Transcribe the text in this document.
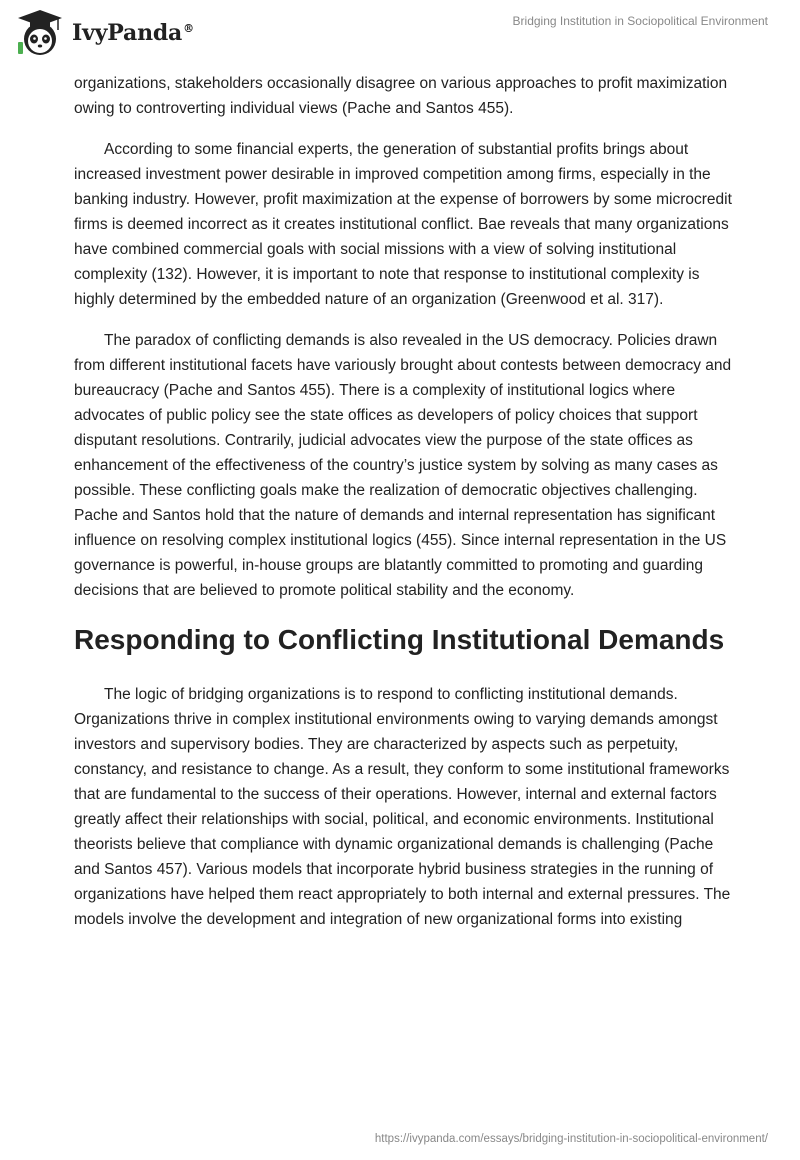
IvyPanda®
Bridging Institution in Sociopolitical Environment

organizations, stakeholders occasionally disagree on various approaches to profit maximization owing to controverting individual views (Pache and Santos 455).

According to some financial experts, the generation of substantial profits brings about increased investment power desirable in improved competition among firms, especially in the banking industry. However, profit maximization at the expense of borrowers by some microcredit firms is deemed incorrect as it creates institutional conflict. Bae reveals that many organizations have combined commercial goals with social missions with a view of solving institutional complexity (132). However, it is important to note that response to institutional complexity is highly determined by the embedded nature of an organization (Greenwood et al. 317).

The paradox of conflicting demands is also revealed in the US democracy. Policies drawn from different institutional facets have variously brought about contests between democracy and bureaucracy (Pache and Santos 455). There is a complexity of institutional logics where advocates of public policy see the state offices as developers of policy choices that support disputant resolutions. Contrarily, judicial advocates view the purpose of the state offices as enhancement of the effectiveness of the country’s justice system by solving as many cases as possible. These conflicting goals make the realization of democratic objectives challenging. Pache and Santos hold that the nature of demands and internal representation has significant influence on resolving complex institutional logics (455). Since internal representation in the US governance is powerful, in-house groups are blatantly committed to promoting and guarding decisions that are believed to promote political stability and the economy.

Responding to Conflicting Institutional Demands

The logic of bridging organizations is to respond to conflicting institutional demands. Organizations thrive in complex institutional environments owing to varying demands amongst investors and supervisory bodies. They are characterized by aspects such as perpetuity, constancy, and resistance to change. As a result, they conform to some institutional frameworks that are fundamental to the success of their operations. However, internal and external factors greatly affect their relationships with social, political, and economic environments. Institutional theorists believe that compliance with dynamic organizational demands is challenging (Pache and Santos 457). Various models that incorporate hybrid business strategies in the running of organizations have helped them react appropriately to both internal and external pressures. The models involve the development and integration of new organizational forms into existing

https://ivypanda.com/essays/bridging-institution-in-sociopolitical-environment/
